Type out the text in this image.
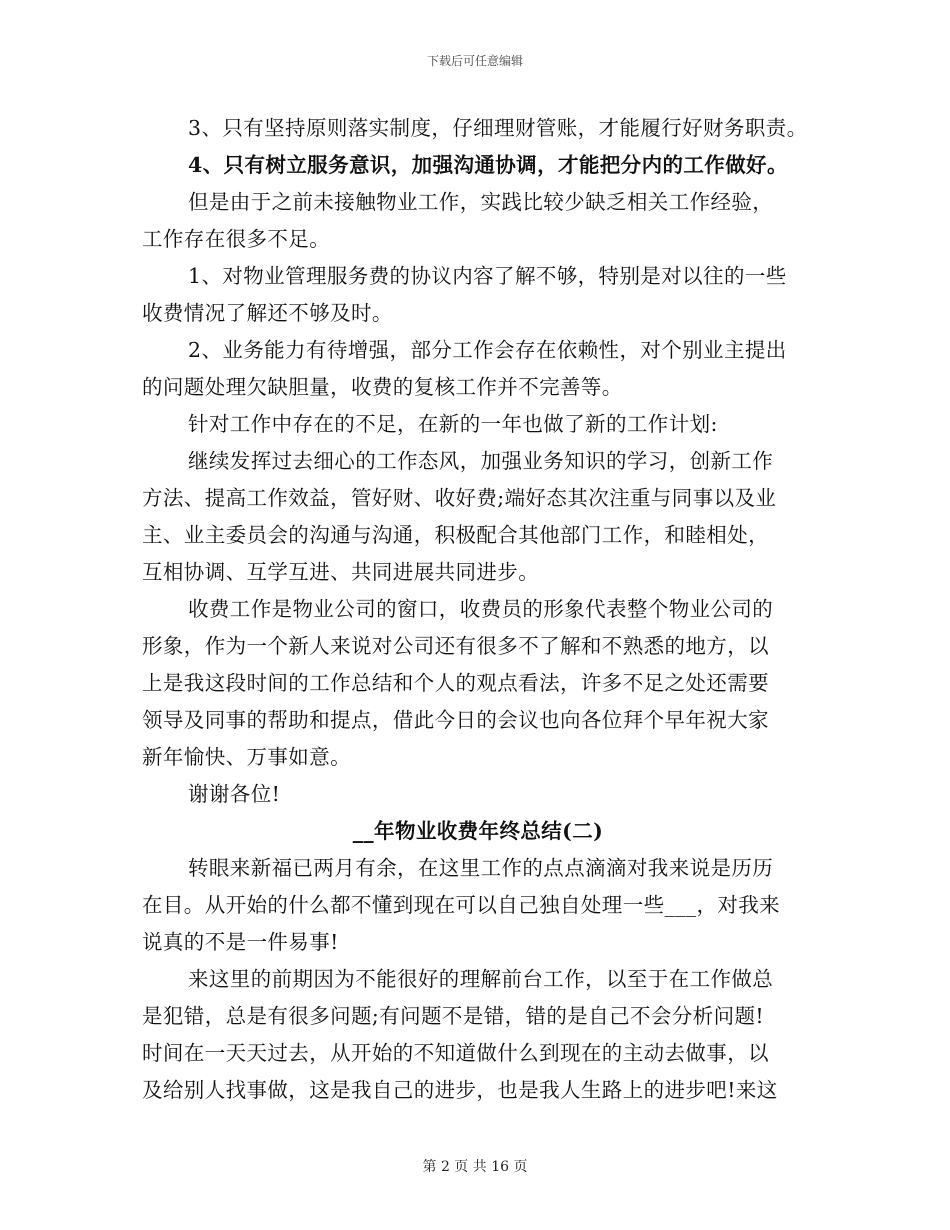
下载后可任意编辑
3、只有坚持原则落实制度，仔细理财管账，才能履行好财务职责。
4、只有树立服务意识，加强沟通协调，才能把分内的工作做好。
但是由于之前未接触物业工作，实践比较少缺乏相关工作经验，
工作存在很多不足。
1、对物业管理服务费的协议内容了解不够，特别是对以往的一些
收费情况了解还不够及时。
2、业务能力有待增强，部分工作会存在依赖性，对个别业主提出
的问题处理欠缺胆量，收费的复核工作并不完善等。
针对工作中存在的不足，在新的一年也做了新的工作计划:
继续发挥过去细心的工作态风，加强业务知识的学习，创新工作
方法、提高工作效益，管好财、收好费;端好态其次注重与同事以及业
主、业主委员会的沟通与沟通，积极配合其他部门工作，和睦相处，
互相协调、互学互进、共同进展共同进步。
收费工作是物业公司的窗口，收费员的形象代表整个物业公司的
形象，作为一个新人来说对公司还有很多不了解和不熟悉的地方，以
上是我这段时间的工作总结和个人的观点看法，许多不足之处还需要
领导及同事的帮助和提点，借此今日的会议也向各位拜个早年祝大家
新年愉快、万事如意。
谢谢各位!
__年物业收费年终总结(二)
转眼来新福已两月有余，在这里工作的点点滴滴对我来说是历历
在目。从开始的什么都不懂到现在可以自己独自处理一些___，对我来
说真的不是一件易事!
来这里的前期因为不能很好的理解前台工作，以至于在工作做总
是犯错，总是有很多问题;有问题不是错，错的是自己不会分析问题!
时间在一天天过去，从开始的不知道做什么到现在的主动去做事，以
及给别人找事做，这是我自己的进步，也是我人生路上的进步吧!来这
第 2 页 共 16 页
